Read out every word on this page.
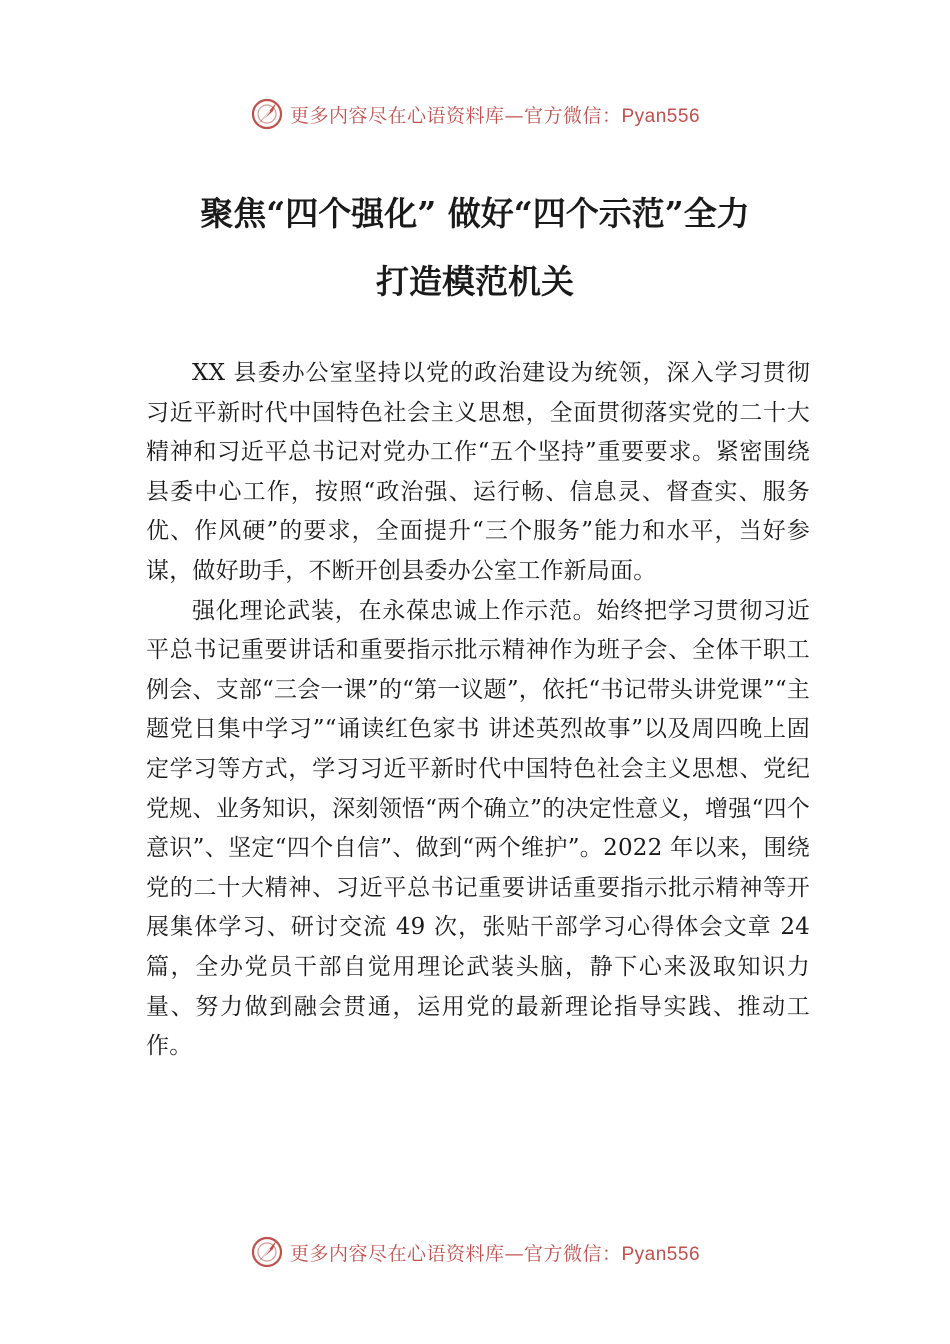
更多内容尽在心语资料库—官方微信：Pyan556
聚焦“四个强化” 做好“四个示范”全力
打造模范机关

XX 县委办公室坚持以党的政治建设为统领，深入学习贯彻习近平新时代中国特色社会主义思想，全面贯彻落实党的二十大精神和习近平总书记对党办工作“五个坚持”重要要求。紧密围绕县委中心工作，按照“政治强、运行畅、信息灵、督查实、服务优、作风硬”的要求，全面提升“三个服务”能力和水平，当好参谋，做好助手，不断开创县委办公室工作新局面。

强化理论武装，在永葆忠诚上作示范。始终把学习贯彻习近平总书记重要讲话和重要指示批示精神作为班子会、全体干职工例会、支部“三会一课”的“第一议题”，依托“书记带头讲党课”“主题党日集中学习”“诵读红色家书 讲述英烈故事”以及周四晚上固定学习等方式，学习习近平新时代中国特色社会主义思想、党纪党规、业务知识，深刻领悟“两个确立”的决定性意义，增强“四个意识”、坚定“四个自信”、做到“两个维护”。2022 年以来，围绕党的二十大精神、习近平总书记重要讲话重要指示批示精神等开展集体学习、研讨交流 49 次，张贴干部学习心得体会文章 24 篇，全办党员干部自觉用理论武装头脑，静下心来汲取知识力量、努力做到融会贯通，运用党的最新理论指导实践、推动工作。

更多内容尽在心语资料库—官方微信：Pyan556
